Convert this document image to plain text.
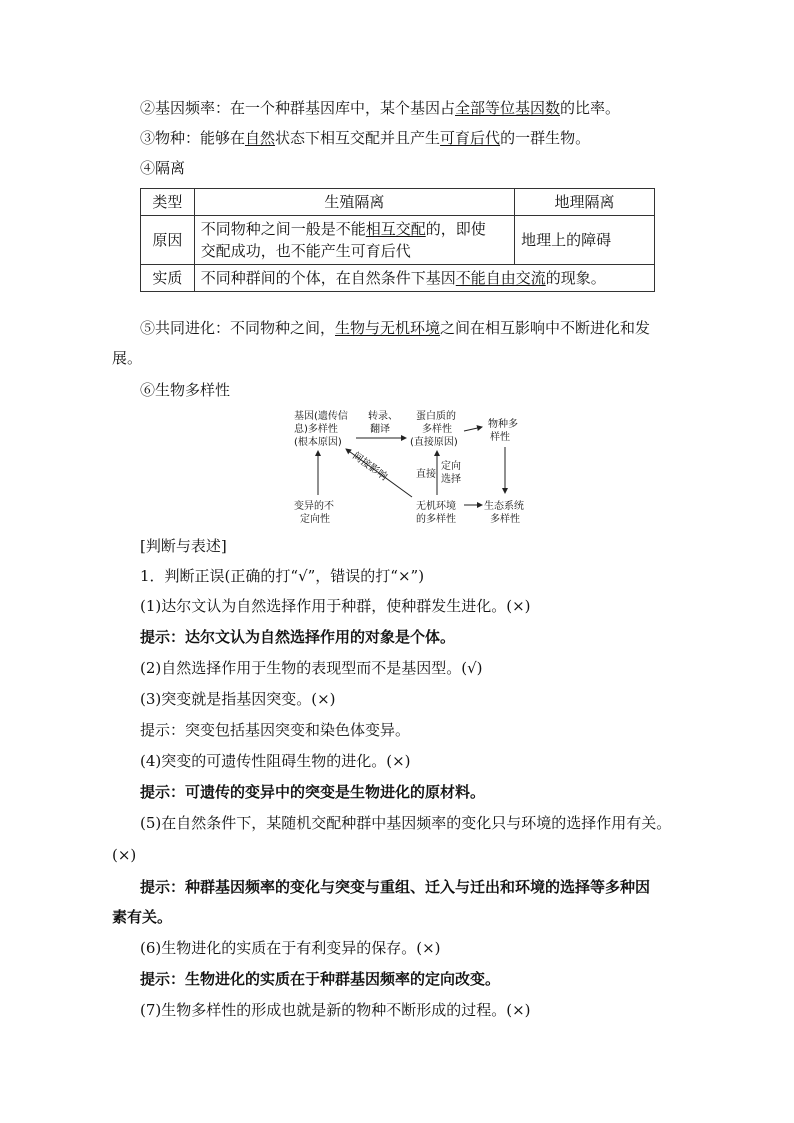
②基因频率：在一个种群基因库中，某个基因占全部等位基因数的比率。
③物种：能够在自然状态下相互交配并且产生可育后代的一群生物。
④隔离
类型	生殖隔离	地理隔离
原因	不同物种之间一般是不能相互交配的，即使
交配成功，也不能产生可育后代	地理上的障碍
实质	不同种群间的个体，在自然条件下基因不能自由交流的现象。	
⑤共同进化：不同物种之间，生物与无机环境之间在相互影响中不断进化和发
展。
⑥生物多样性
基因(遗传信
息)多样性
(根本原因)
转录、
翻译
蛋白质的
多样性
(直接原因)
物种多
样性
直接
定向
选择
无机环境
的多样性
生态系统
多样性
变异的不
定向性
间接影响
[判断与表述]
1．判断正误(正确的打“√”，错误的打“×”)
(1)达尔文认为自然选择作用于种群，使种群发生进化。(×)
提示：达尔文认为自然选择作用的对象是个体。
(2)自然选择作用于生物的表现型而不是基因型。(√)
(3)突变就是指基因突变。(×)
提示：突变包括基因突变和染色体变异。
(4)突变的可遗传性阻碍生物的进化。(×)
提示：可遗传的变异中的突变是生物进化的原材料。
(5)在自然条件下，某随机交配种群中基因频率的变化只与环境的选择作用有关。
(×)
提示：种群基因频率的变化与突变与重组、迁入与迁出和环境的选择等多种因
素有关。
(6)生物进化的实质在于有利变异的保存。(×)
提示：生物进化的实质在于种群基因频率的定向改变。
(7)生物多样性的形成也就是新的物种不断形成的过程。(×)
